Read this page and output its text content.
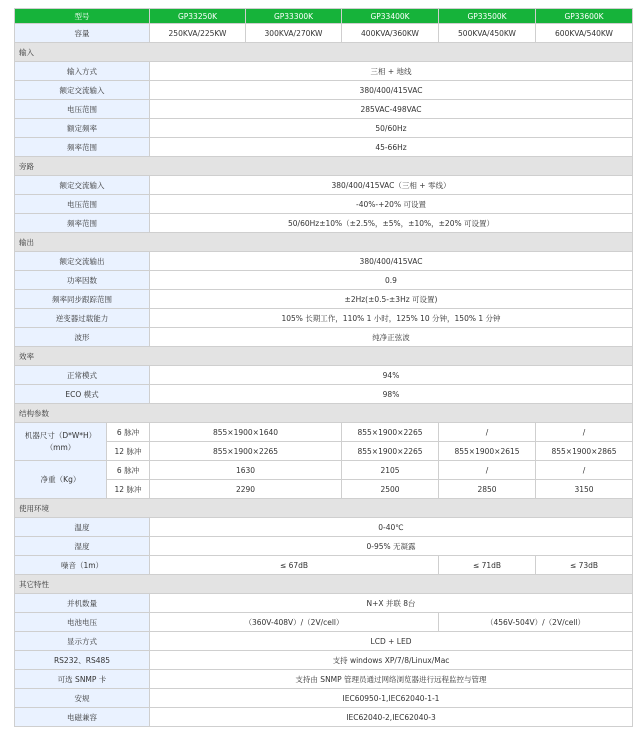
型号		GP33250K	GP33300K	GP33400K	GP33500K	GP33600K
容量		250KVA/225KW	300KVA/270KW	400KVA/360KW	500KVA/450KW	600KVA/540KW
输入						
输入方式		三相 + 地线				
额定交流输入		380/400/415VAC				
电压范围		285VAC-498VAC				
额定频率		50/60Hz				
频率范围		45-66Hz				
旁路						
额定交流输入		380/400/415VAC（三相 + 零线）				
电压范围		-40%-+20% 可设置				
频率范围		50/60Hz±10%（±2.5%，±5%，±10%，±20% 可设置）				
输出						
额定交流输出		380/400/415VAC				
功率因数		0.9				
频率同步跟踪范围		±2Hz(±0.5-±3Hz 可设置)				
逆变器过载能力		105% 长期工作，110% 1 小时，125% 10 分钟，150% 1 分钟				
波形		纯净正弦波				
效率						
正常模式		94%				
ECO 模式		98%				
结构参数						
机器尺寸（D*W*H）（mm）	6 脉冲	855×1900×1640		855×1900×2265	/	/
	12 脉冲	855×1900×2265		855×1900×2265	855×1900×2615	855×1900×2865
净重（Kg）	6 脉冲	1630		2105	/	/
	12 脉冲	2290		2500	2850	3150
使用环境						
温度		0-40℃				
湿度		0-95% 无凝露				
噪音（1m）		≤ 67dB			≤ 71dB	≤ 73dB
其它特性						
并机数量		N+X 并联 8台				
电池电压		（360V-408V）/（2V/cell）			（456V-504V）/（2V/cell）	
显示方式		LCD + LED				
RS232、RS485		支持 windows XP/7/8/Linux/Mac				
可选 SNMP 卡		支持由 SNMP 管理员通过网络浏览器进行远程监控与管理				
安规		IEC60950-1,IEC62040-1-1				
电磁兼容		IEC62040-2,IEC62040-3				
